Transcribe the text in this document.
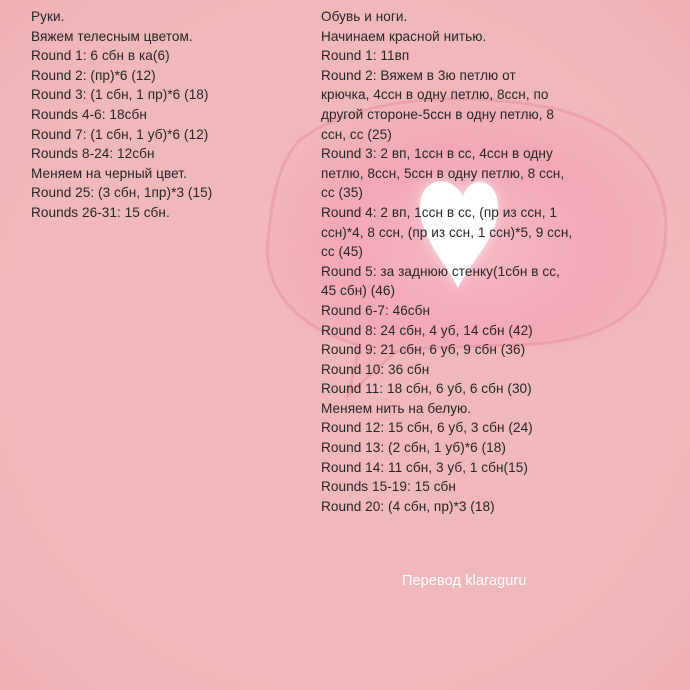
Руки.
Вяжем телесным цветом.
Round 1: 6 сбн в ка(6)
Round 2: (пр)*6 (12)
Round 3: (1 сбн, 1 пр)*6 (18)
Rounds 4-6: 18сбн
Round 7: (1 сбн, 1 уб)*6 (12)
Rounds 8-24: 12сбн
Меняем на черный цвет.
Round 25: (3 сбн, 1пр)*3 (15)
Rounds 26-31: 15 сбн.
Обувь и ноги.
Начинаем красной нитью.
Round 1: 11вп
Round 2: Вяжем в 3ю петлю от
крючка, 4ссн в одну петлю, 8ссн, по
другой стороне-5ссн в одну петлю, 8
ссн, сс (25)
Round 3: 2 вп, 1ссн в сс, 4ссн в одну
петлю, 8ссн, 5ссн в одну петлю, 8 ссн,
сс (35)
Round 4: 2 вп, 1ссн в сс, (пр из ссн, 1
ссн)*4, 8 ссн, (пр из ссн, 1 ссн)*5, 9 ссн,
сс (45)
Round 5: за заднюю стенку(1сбн в сс,
45 сбн) (46)
Round 6-7: 46сбн
Round 8: 24 сбн, 4 уб, 14 сбн (42)
Round 9: 21 сбн, 6 уб, 9 сбн (36)
Round 10: 36 сбн
Round 11: 18 сбн, 6 уб, 6 сбн (30)
Меняем нить на белую.
Round 12: 15 сбн, 6 уб, 3 сбн (24)
Round 13: (2 сбн, 1 уб)*6 (18)
Round 14: 11 сбн, 3 уб, 1 сбн(15)
Rounds 15-19: 15 сбн
Round 20: (4 сбн, пр)*3 (18)
Перевод klaraguru
